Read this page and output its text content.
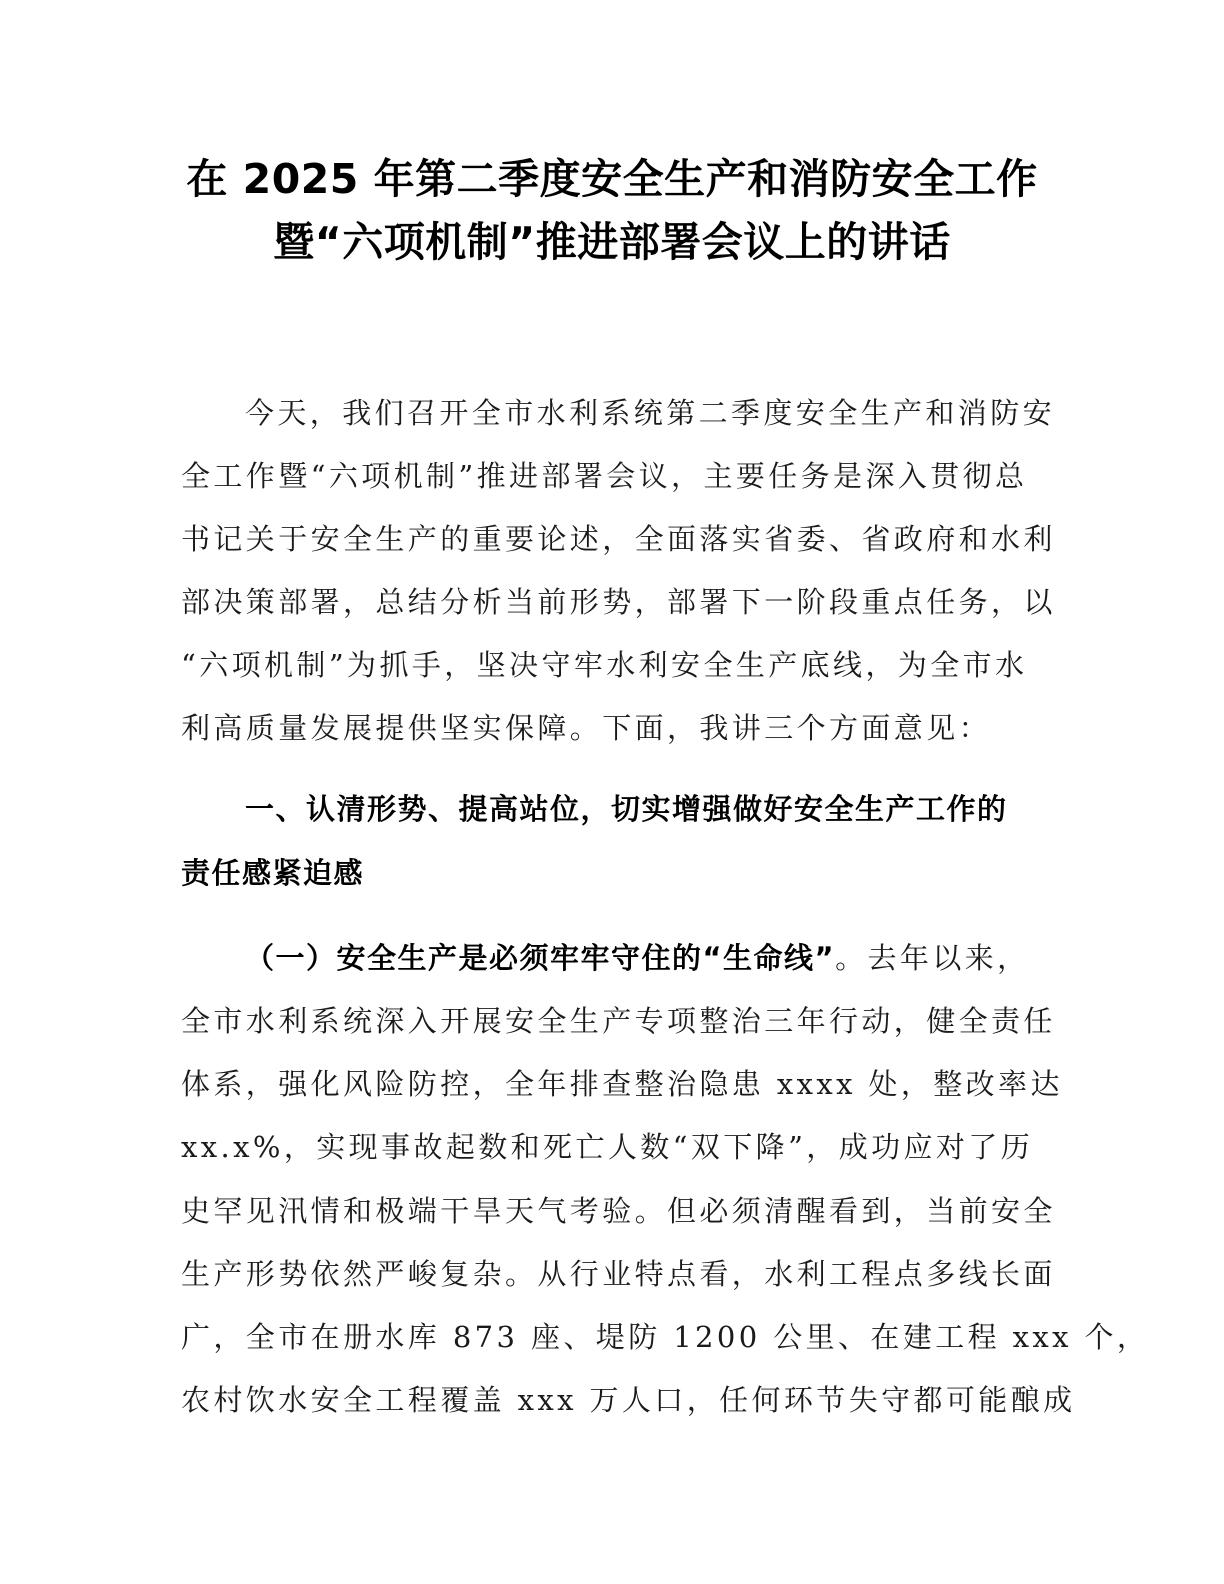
在 2025 年第二季度安全生产和消防安全工作
暨“六项机制”推进部署会议上的讲话
今天，我们召开全市水利系统第二季度安全生产和消防安
全工作暨“六项机制”推进部署会议，主要任务是深入贯彻总
书记关于安全生产的重要论述，全面落实省委、省政府和水利
部决策部署，总结分析当前形势，部署下一阶段重点任务，以
“六项机制”为抓手，坚决守牢水利安全生产底线，为全市水
利高质量发展提供坚实保障。下面，我讲三个方面意见：
一、认清形势、提高站位，切实增强做好安全生产工作的
责任感紧迫感
（一）安全生产是必须牢牢守住的“生命线”。去年以来，
全市水利系统深入开展安全生产专项整治三年行动，健全责任
体系，强化风险防控，全年排查整治隐患 xxxx 处，整改率达
xx.x%，实现事故起数和死亡人数“双下降”，成功应对了历
史罕见汛情和极端干旱天气考验。但必须清醒看到，当前安全
生产形势依然严峻复杂。从行业特点看，水利工程点多线长面
广，全市在册水库 873 座、堤防 1200 公里、在建工程 xxx 个，
农村饮水安全工程覆盖 xxx 万人口，任何环节失守都可能酿成
